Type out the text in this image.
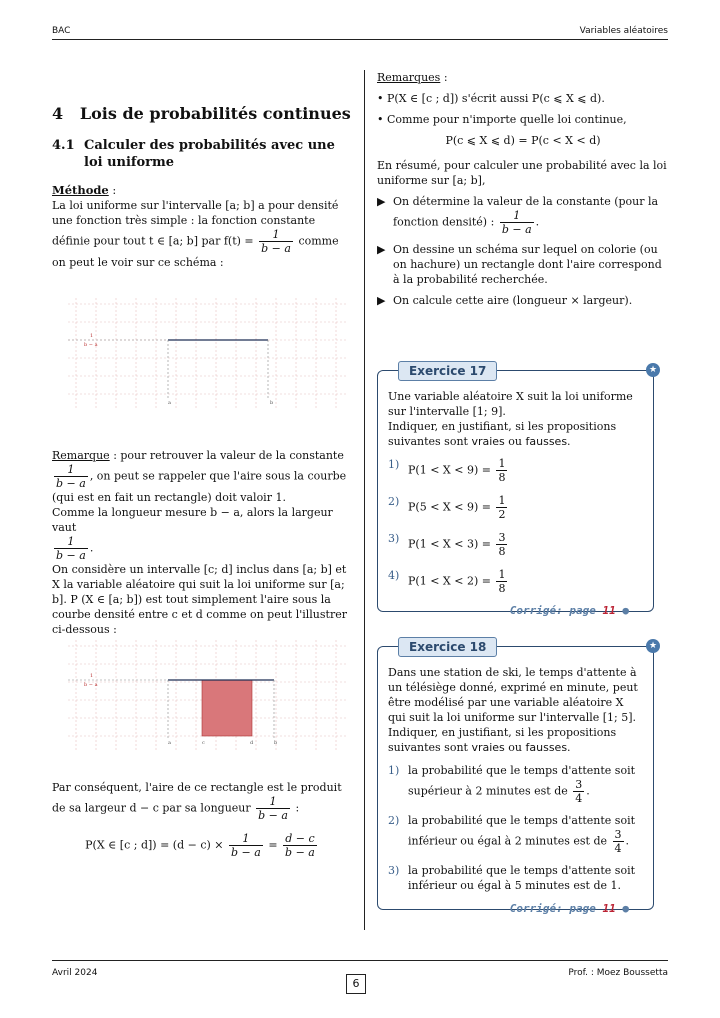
BAC	Variables aléatoires
4 Lois de probabilités continues
4.1 Calculer des probabilités avec une loi uniforme

Méthode :

La loi uniforme sur l'intervalle [a; b] a pour densité une fonction très simple : la fonction constante définie pour tout t ∈ [a; b] par $f(t) = \frac{1}{b - a}$ comme on peut le voir sur ce schéma :

1
b − a
a	b

Remarque : pour retrouver la valeur de la constante
$\frac{1}{b - a}$ , on peut se rappeler que l'aire sous la courbe (qui est en fait un rectangle) doit valoir 1.

Comme la longueur mesure b − a, alors la largeur vaut

$\frac{1}{b - a}$ .

On considère un intervalle [c; d] inclus dans [a; b] et X la variable aléatoire qui suit la loi uniforme sur [a; b]. P (X ∈ [a; b]) est tout simplement l'aire sous la courbe densité entre c et d comme on peut l'illustrer ci-dessous :

1
b − a
a	c	d	b

Par conséquent, l'aire de ce rectangle est le produit de sa largeur d − c par sa longueur $\frac{1}{b - a}$ :

P(X ∈ [c ; $d]) = (d - c) \times \frac{1}{b - a} = \frac{d - c}{b - a}$

Remarques :

• P(X ∈ [c ; d]) s'écrit aussi P(c ⩽ X ⩽ d).

• Comme pour n'importe quelle loi continue,

P(c ⩽ X ⩽ d) = P(c < X < d)

En résumé, pour calculer une probabilité avec la loi uniforme sur [a; b],

▶ On détermine la valeur de la constante (pour la fonction densité) : $\frac{1}{b - a}$ .

▶ On dessine un schéma sur lequel on colorie (ou on hachure) un rectangle dont l'aire correspond à la probabilité recherchée.

▶ On calcule cette aire (longueur × largeur).

Exercice 17	★

Une variable aléatoire X suit la loi uniforme sur l'intervalle [1; 9].

Indiquer, en justifiant, si les propositions suivantes sont vraies ou fausses.

1) $P(1 < X < 9) = \frac{1}{8}$
2) $P(5 < X < 9) = \frac{1}{2}$
3) $P(1 < X < 3) = \frac{3}{8}$
4) $P(1 < X < 2) = \frac{1}{8}$
Corrigé: page 11 ●
Exercice 18	★

Dans une station de ski, le temps d'attente à un télésiège donné, exprimé en minute, peut être modélisé par une variable aléatoire X qui suit la loi uniforme sur l'intervalle [1; 5].

Indiquer, en justifiant, si les propositions suivantes sont vraies ou fausses.

1) la probabilité que le temps d'attente soit supérieur à 2 minutes est de $\frac{3}{4}$ .
2) la probabilité que le temps d'attente soit inférieur ou égal à 2 minutes est de $\frac{3}{4}$ .
3) la probabilité que le temps d'attente soit inférieur ou égal à 5 minutes est de 1.
Corrigé: page 11 ●
Avril 2024
6
Prof. : Moez Boussetta
